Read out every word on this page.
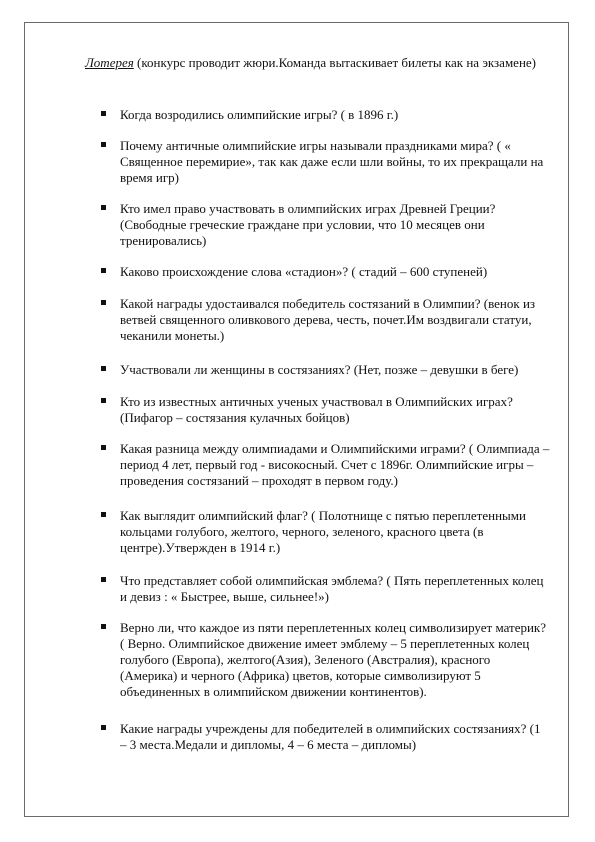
Лотерея (конкурс проводит жюри.Команда вытаскивает билеты как на экзамене)
Когда возродились олимпийские игры? ( в 1896 г.)
Почему античные олимпийские игры называли праздниками мира? ( « Священное перемирие», так как даже если шли войны, то их прекращали на время игр)
Кто имел право участвовать в олимпийских играх Древней Греции? (Свободные греческие граждане при условии, что 10 месяцев они тренировались)
Каково происхождение слова «стадион»? ( стадий – 600 ступеней)
Какой награды удостаивался победитель состязаний в Олимпии? (венок из ветвей священного оливкового дерева, честь, почет.Им воздвигали статуи, чеканили монеты.)
Участвовали ли женщины в состязаниях? (Нет, позже – девушки в беге)
Кто из известных античных ученых участвовал в Олимпийских играх? (Пифагор – состязания кулачных бойцов)
Какая разница между олимпиадами и Олимпийскими играми? ( Олимпиада – период 4 лет, первый год - високосный. Счет с 1896г. Олимпийские игры – проведения состязаний – проходят в первом году.)
Как выглядит олимпийский флаг? ( Полотнище с пятью переплетенными кольцами голубого, желтого, черного, зеленого, красного цвета (в центре).Утвержден в 1914 г.)
Что представляет собой олимпийская эмблема? ( Пять переплетенных колец и девиз : « Быстрее, выше, сильнее!»)
Верно ли, что каждое из пяти переплетенных колец символизирует материк? ( Верно. Олимпийское движение имеет эмблему – 5 переплетенных колец голубого (Европа), желтого(Азия), Зеленого (Австралия), красного (Америка) и черного (Африка) цветов, которые символизируют 5 объединенных в олимпийском движении континентов).
Какие награды учреждены для победителей в олимпийских состязаниях? (1 – 3 места.Медали и дипломы, 4 – 6 места – дипломы)
